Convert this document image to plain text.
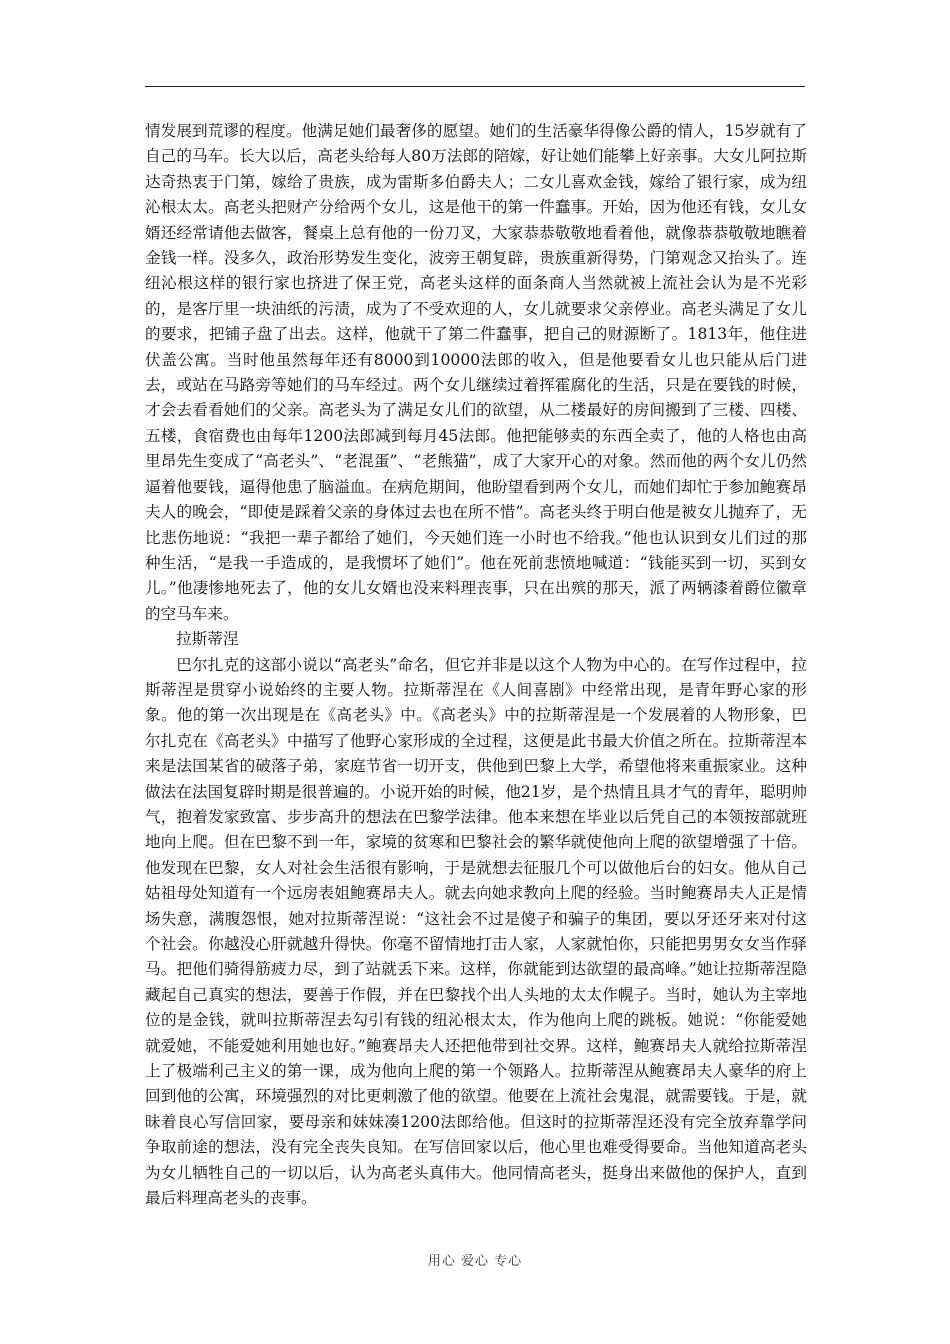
情发展到荒谬的程度。他满足她们最奢侈的愿望。她们的生活豪华得像公爵的情人，15岁就有了自己的马车。长大以后，高老头给每人80万法郎的陪嫁，好让她们能攀上好亲事。大女儿阿拉斯达奇热衷于门第，嫁给了贵族，成为雷斯多伯爵夫人；二女儿喜欢金钱，嫁给了银行家，成为纽沁根太太。高老头把财产分给两个女儿，这是他干的第一件蠢事。开始，因为他还有钱，女儿女婿还经常请他去做客，餐桌上总有他的一份刀叉，大家恭恭敬敬地看着他，就像恭恭敬敬地瞧着金钱一样。没多久，政治形势发生变化，波旁王朝复辟，贵族重新得势，门第观念又抬头了。连纽沁根这样的银行家也挤进了保王党，高老头这样的面条商人当然就被上流社会认为是不光彩的，是客厅里一块油纸的污渍，成为了不受欢迎的人，女儿就要求父亲停业。高老头满足了女儿的要求，把铺子盘了出去。这样，他就干了第二件蠢事，把自己的财源断了。1813年，他住进伏盖公寓。当时他虽然每年还有8000到10000法郎的收入，但是他要看女儿也只能从后门进去，或站在马路旁等她们的马车经过。两个女儿继续过着挥霍腐化的生活，只是在要钱的时候，才会去看看她们的父亲。高老头为了满足女儿们的欲望，从二楼最好的房间搬到了三楼、四楼、五楼，食宿费也由每年1200法郎减到每月45法郎。他把能够卖的东西全卖了，他的人格也由高里昂先生变成了“高老头”、“老混蛋”、“老熊猫”，成了大家开心的对象。然而他的两个女儿仍然逼着他要钱，逼得他患了脑溢血。在病危期间，他盼望看到两个女儿，而她们却忙于参加鲍赛昂夫人的晚会，“即使是踩着父亲的身体过去也在所不惜”。高老头终于明白他是被女儿抛弃了，无比悲伤地说：“我把一辈子都给了她们，今天她们连一小时也不给我。”他也认识到女儿们过的那种生活，“是我一手造成的，是我惯坏了她们”。他在死前悲愤地喊道：“钱能买到一切，买到女儿。”他凄惨地死去了，他的女儿女婿也没来料理丧事，只在出殡的那天，派了两辆漆着爵位徽章的空马车来。

拉斯蒂涅

巴尔扎克的这部小说以“高老头”命名，但它并非是以这个人物为中心的。在写作过程中，拉斯蒂涅是贯穿小说始终的主要人物。拉斯蒂涅在《人间喜剧》中经常出现，是青年野心家的形象。他的第一次出现是在《高老头》中。《高老头》中的拉斯蒂涅是一个发展着的人物形象，巴尔扎克在《高老头》中描写了他野心家形成的全过程，这便是此书最大价值之所在。拉斯蒂涅本来是法国某省的破落子弟，家庭节省一切开支，供他到巴黎上大学，希望他将来重振家业。这种做法在法国复辟时期是很普遍的。小说开始的时候，他21岁，是个热情且具才气的青年，聪明帅气，抱着发家致富、步步高升的想法在巴黎学法律。他本来想在毕业以后凭自己的本领按部就班地向上爬。但在巴黎不到一年，家境的贫寒和巴黎社会的繁华就使他向上爬的欲望增强了十倍。他发现在巴黎，女人对社会生活很有影响，于是就想去征服几个可以做他后台的妇女。他从自己姑祖母处知道有一个远房表姐鲍赛昂夫人。就去向她求教向上爬的经验。当时鲍赛昂夫人正是情场失意，满腹怨恨，她对拉斯蒂涅说：“这社会不过是傻子和骗子的集团，要以牙还牙来对付这个社会。你越没心肝就越升得快。你毫不留情地打击人家，人家就怕你，只能把男男女女当作驿马。把他们骑得筋疲力尽，到了站就丢下来。这样，你就能到达欲望的最高峰。”她让拉斯蒂涅隐藏起自己真实的想法，要善于作假，并在巴黎找个出人头地的太太作幌子。当时，她认为主宰地位的是金钱，就叫拉斯蒂涅去勾引有钱的纽沁根太太，作为他向上爬的跳板。她说：“你能爱她就爱她，不能爱她利用她也好。”鲍赛昂夫人还把他带到社交界。这样，鲍赛昂夫人就给拉斯蒂涅上了极端利己主义的第一课，成为他向上爬的第一个领路人。拉斯蒂涅从鲍赛昂夫人豪华的府上回到他的公寓，环境强烈的对比更刺激了他的欲望。他要在上流社会鬼混，就需要钱。于是，就昧着良心写信回家，要母亲和妹妹凑1200法郎给他。但这时的拉斯蒂涅还没有完全放弃靠学问争取前途的想法，没有完全丧失良知。在写信回家以后，他心里也难受得要命。当他知道高老头为女儿牺牲自己的一切以后，认为高老头真伟大。他同情高老头，挺身出来做他的保护人，直到最后料理高老头的丧事。

用心 爱心 专心
